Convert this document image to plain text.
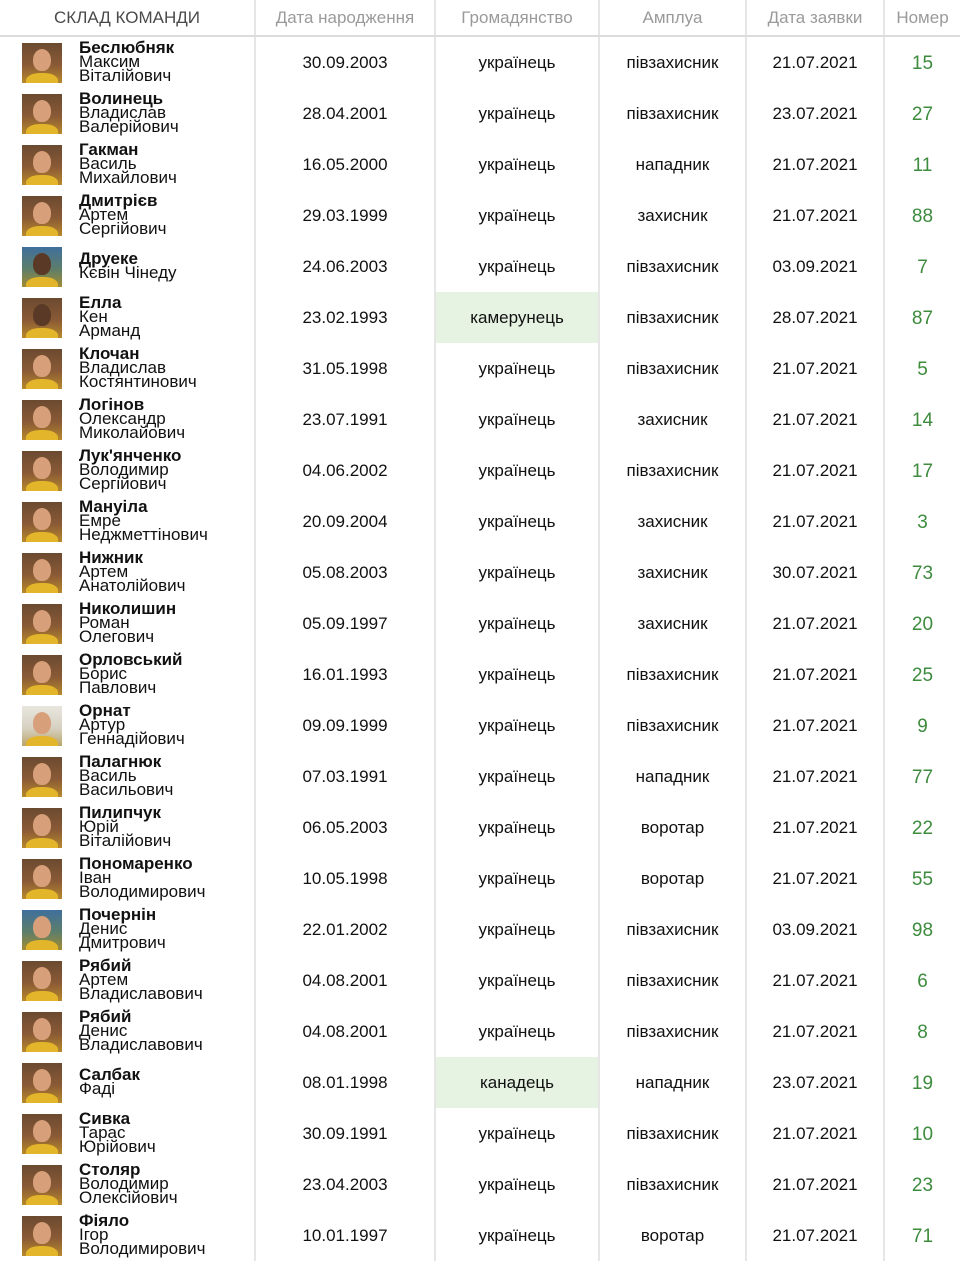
СКЛАД КОМАНДИ	Дата народження	Громадянство	Амплуа	Дата заявки	Номер
Беслюбняк
Максим
Віталійович
30.09.2003	українець	півзахисник	21.07.2021	15
Волинець
Владислав
Валерійович
28.04.2001	українець	півзахисник	23.07.2021	27
Гакман
Василь
Михайлович
16.05.2000	українець	нападник	21.07.2021	11
Дмитрієв
Артем
Сергійович
29.03.1999	українець	захисник	21.07.2021	88
Друеке
Кєвін Чінеду	24.06.2003	українець	півзахисник	03.09.2021	7
Елла
Кен
Арманд
23.02.1993	камерунець	півзахисник	28.07.2021	87
Клочан
Владислав
Костянтинович
31.05.1998	українець	півзахисник	21.07.2021	5
Логінов
Олександр
Миколайович
23.07.1991	українець	захисник	21.07.2021	14
Лук'янченко
Володимир
Сергійович
04.06.2002	українець	півзахисник	21.07.2021	17
Мануіла
Емре
Неджметтінович
20.09.2004	українець	захисник	21.07.2021	3
Нижник
Артем
Анатолійович
05.08.2003	українець	захисник	30.07.2021	73
Николишин
Роман
Олегович
05.09.1997	українець	захисник	21.07.2021	20
Орловський
Борис
Павлович
16.01.1993	українець	півзахисник	21.07.2021	25
Орнат
Артур
Геннадійович
09.09.1999	українець	півзахисник	21.07.2021	9
Палагнюк
Василь
Васильович
07.03.1991	українець	нападник	21.07.2021	77
Пилипчук
Юрій
Віталійович
06.05.2003	українець	воротар	21.07.2021	22
Пономаренко
Іван
Володимирович
10.05.1998	українець	воротар	21.07.2021	55
Почернін
Денис
Дмитрович
22.01.2002	українець	півзахисник	03.09.2021	98
Рябий
Артем
Владиславович
04.08.2001	українець	півзахисник	21.07.2021	6
Рябий
Денис
Владиславович
04.08.2001	українець	півзахисник	21.07.2021	8
Салбак
Фаді	08.01.1998	канадець	нападник	23.07.2021	19
Сивка
Тарас
Юрійович
30.09.1991	українець	півзахисник	21.07.2021	10
Столяр
Володимир
Олексійович
23.04.2003	українець	півзахисник	21.07.2021	23
Фіяло
Ігор
Володимирович
10.01.1997	українець	воротар	21.07.2021	71
